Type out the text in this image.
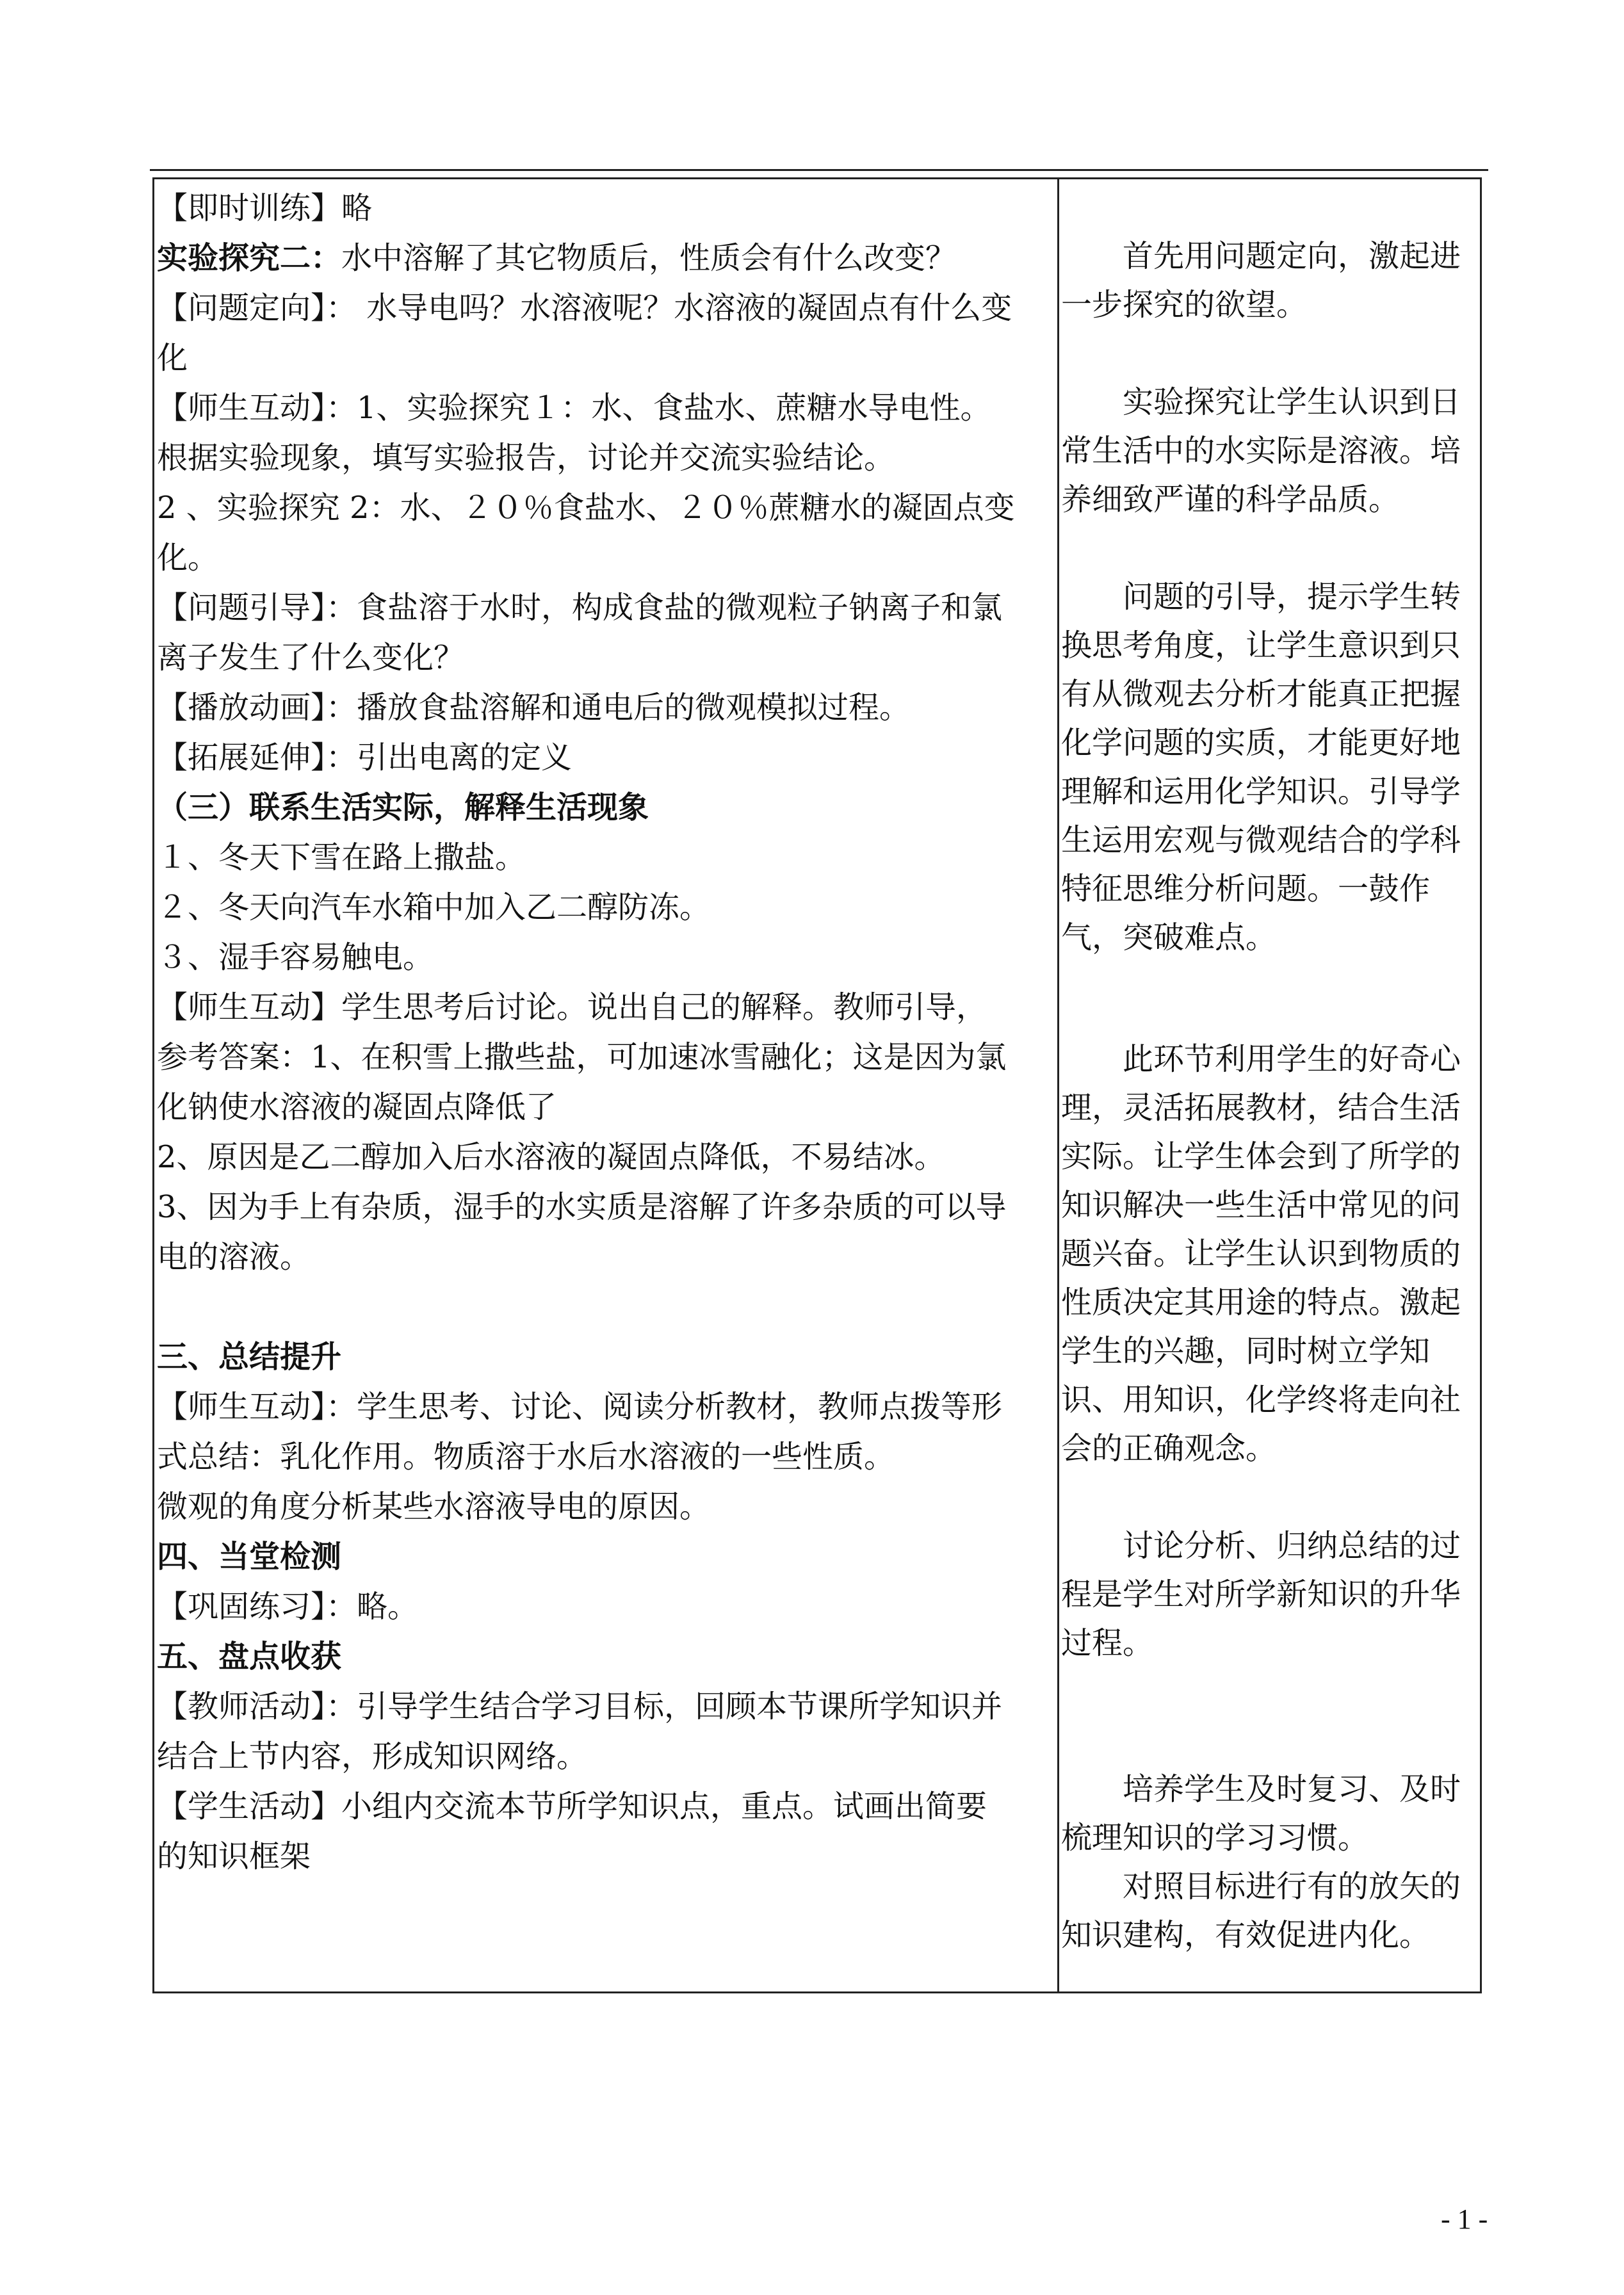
【即时训练】略
实验探究二：水中溶解了其它物质后，性质会有什么改变？
【问题定向】： 水导电吗？水溶液呢？水溶液的凝固点有什么变
化
【师生互动】：1、实验探究１：水、食盐水、蔗糖水导电性。
根据实验现象，填写实验报告，讨论并交流实验结论。
2 、实验探究 2：水、２０％食盐水、２０％蔗糖水的凝固点变
化。
【问题引导】：食盐溶于水时，构成食盐的微观粒子钠离子和氯
离子发生了什么变化？
【播放动画】：播放食盐溶解和通电后的微观模拟过程。
【拓展延伸】：引出电离的定义
（三）联系生活实际，解释生活现象
１、冬天下雪在路上撒盐。
２、冬天向汽车水箱中加入乙二醇防冻。
３、湿手容易触电。
【师生互动】学生思考后讨论。说出自己的解释。教师引导，
参考答案：1、在积雪上撒些盐，可加速冰雪融化；这是因为氯
化钠使水溶液的凝固点降低了
2、原因是乙二醇加入后水溶液的凝固点降低，不易结冰。
3、因为手上有杂质，湿手的水实质是溶解了许多杂质的可以导
电的溶液。
三、总结提升
【师生互动】：学生思考、讨论、阅读分析教材，教师点拨等形
式总结：乳化作用。物质溶于水后水溶液的一些性质。
微观的角度分析某些水溶液导电的原因。
四、当堂检测
【巩固练习】：略。
五、盘点收获
【教师活动】：引导学生结合学习目标，回顾本节课所学知识并
结合上节内容，形成知识网络。
【学生活动】小组内交流本节所学知识点，重点。试画出简要
的知识框架
首先用问题定向，激起进一步探究的欲望。
实验探究让学生认识到日常生活中的水实际是溶液。培养细致严谨的科学品质。
问题的引导，提示学生转换思考角度，让学生意识到只有从微观去分析才能真正把握化学问题的实质，才能更好地理解和运用化学知识。引导学生运用宏观与微观结合的学科特征思维分析问题。一鼓作气，突破难点。
此环节利用学生的好奇心理，灵活拓展教材，结合生活实际。让学生体会到了所学的知识解决一些生活中常见的问题兴奋。让学生认识到物质的性质决定其用途的特点。激起学生的兴趣，同时树立学知识、用知识，化学终将走向社会的正确观念。
讨论分析、归纳总结的过程是学生对所学新知识的升华过程。
培养学生及时复习、及时梳理知识的学习习惯。
对照目标进行有的放矢的知识建构，有效促进内化。
- 1 -
